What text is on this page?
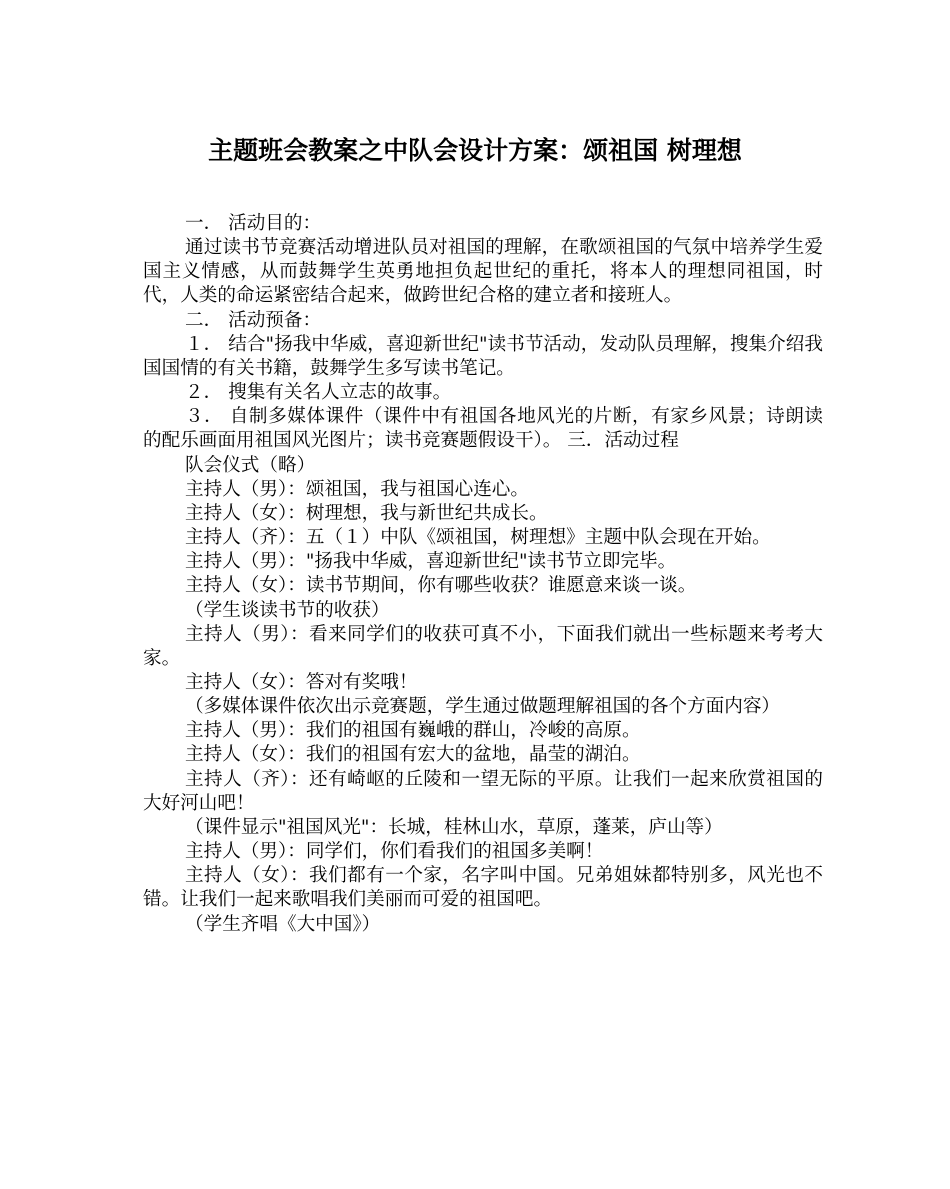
主题班会教案之中队会设计方案：颂祖国 树理想

一． 活动目的：

通过读书节竞赛活动增进队员对祖国的理解，在歌颂祖国的气氛中培养学生爱国主义情感，从而鼓舞学生英勇地担负起世纪的重托，将本人的理想同祖国，时代，人类的命运紧密结合起来，做跨世纪合格的建立者和接班人。

二． 活动预备：

１． 结合"扬我中华威，喜迎新世纪"读书节活动，发动队员理解，搜集介绍我国国情的有关书籍，鼓舞学生多写读书笔记。

２． 搜集有关名人立志的故事。

３． 自制多媒体课件（课件中有祖国各地风光的片断，有家乡风景；诗朗读的配乐画面用祖国风光图片；读书竞赛题假设干）。 三．活动过程

队会仪式（略）

主持人（男）：颂祖国，我与祖国心连心。

主持人（女）：树理想，我与新世纪共成长。

主持人（齐）：五（１）中队《颂祖国，树理想》主题中队会现在开始。

主持人（男）："扬我中华威，喜迎新世纪"读书节立即完毕。

主持人（女）：读书节期间，你有哪些收获？谁愿意来谈一谈。

（学生谈读书节的收获）

主持人（男）：看来同学们的收获可真不小，下面我们就出一些标题来考考大家。

主持人（女）：答对有奖哦！

（多媒体课件依次出示竞赛题，学生通过做题理解祖国的各个方面内容）

主持人（男）：我们的祖国有巍峨的群山，冷峻的高原。

主持人（女）：我们的祖国有宏大的盆地，晶莹的湖泊。

主持人（齐）：还有崎岖的丘陵和一望无际的平原。让我们一起来欣赏祖国的大好河山吧！

（课件显示"祖国风光"：长城，桂林山水，草原，蓬莱，庐山等）

主持人（男）：同学们，你们看我们的祖国多美啊！

主持人（女）：我们都有一个家，名字叫中国。兄弟姐妹都特别多，风光也不错。让我们一起来歌唱我们美丽而可爱的祖国吧。

（学生齐唱《大中国》）
